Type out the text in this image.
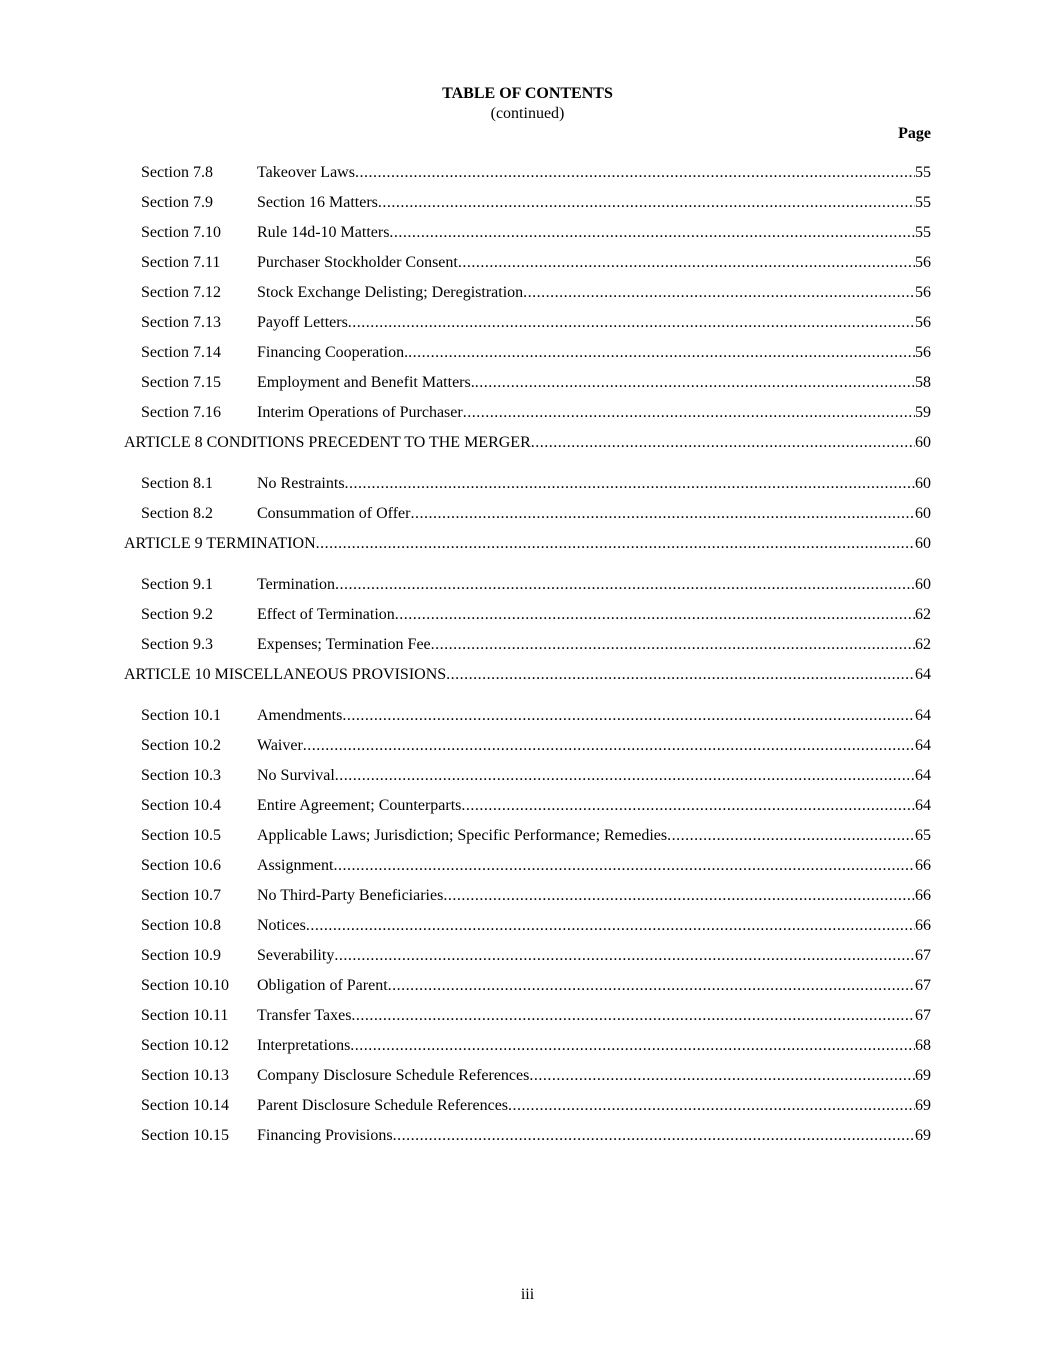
TABLE OF CONTENTS
(continued)
Page
Section 7.8	Takeover Laws .....	55
Section 7.9	Section 16 Matters .....	55
Section 7.10 Rule 14d-10 Matters .....	55
Section 7.11 Purchaser Stockholder Consent .....	56
Section 7.12 Stock Exchange Delisting; Deregistration .....	56
Section 7.13 Payoff Letters .....	56
Section 7.14 Financing Cooperation. .....	56
Section 7.15 Employment and Benefit Matters. .....	58
Section 7.16 Interim Operations of Purchaser .....	59
ARTICLE 8 CONDITIONS PRECEDENT TO THE MERGER .....	60
Section 8.1	No Restraints .....	60
Section 8.2	Consummation of Offer .....	60
ARTICLE 9 TERMINATION .....	60
Section 9.1	Termination .....	60
Section 9.2	Effect of Termination .....	62
Section 9.3	Expenses; Termination Fee .....	62
ARTICLE 10 MISCELLANEOUS PROVISIONS .....	64
Section 10.1 Amendments .....	64
Section 10.2 Waiver .....	64
Section 10.3 No Survival .....	64
Section 10.4 Entire Agreement; Counterparts .....	64
Section 10.5 Applicable Laws; Jurisdiction; Specific Performance; Remedies .....	65
Section 10.6 Assignment .....	66
Section 10.7 No Third-Party Beneficiaries .....	66
Section 10.8 Notices .....	66
Section 10.9 Severability .....	67
Section 10.10 Obligation of Parent .....	67
Section 10.11 Transfer Taxes .....	67
Section 10.12 Interpretations .....	68
Section 10.13 Company Disclosure Schedule References .....	69
Section 10.14 Parent Disclosure Schedule References .....	69
Section 10.15 Financing Provisions .....	69
iii
